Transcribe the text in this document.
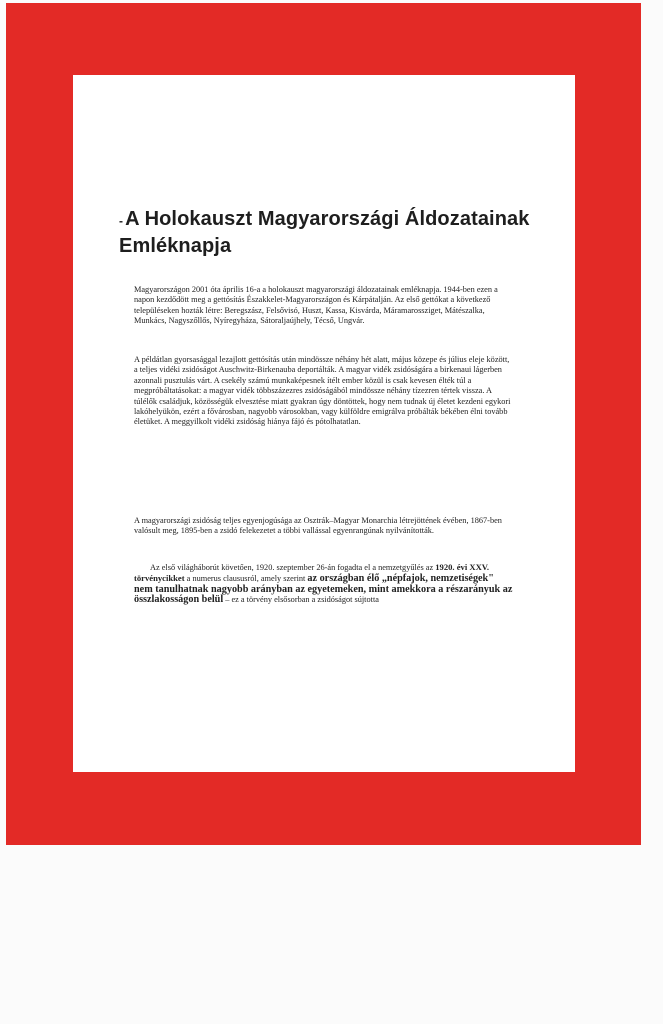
- A Holokauszt Magyarországi Áldozatainak Emléknapja

Magyarországon 2001 óta április 16-a a holokauszt magyarországi áldozatainak emléknapja. 1944-ben ezen a napon kezdődött meg a gettósítás Északkelet-Magyarországon és Kárpátalján. Az első gettókat a következő településeken hozták létre: Beregszász, Felsővisó, Huszt, Kassa, Kisvárda, Máramarossziget, Mátészalka, Munkács, Nagyszőllős, Nyíregyháza, Sátoraljaújhely, Técső, Ungvár.

A példátlan gyorsasággal lezajlott gettósítás után mindössze néhány hét alatt, május közepe és július eleje között, a teljes vidéki zsidóságot Auschwitz-Birkenauba deportálták. A magyar vidék zsidóságára a birkenaui lágerben azonnali pusztulás várt. A csekély számú munkaképesnek ítélt ember közül is csak kevesen élték túl a megpróbáltatásokat: a magyar vidék többszázezres zsidóságából mindössze néhány tízezren tértek vissza. A túlélők családjuk, közösségük elvesztése miatt gyakran úgy döntöttek, hogy nem tudnak új életet kezdeni egykori lakóhelyükön, ezért a fővárosban, nagyobb városokban, vagy külföldre emigrálva próbálták békében élni tovább életüket. A meggyilkolt vidéki zsidóság hiánya fájó és pótolhatatlan.

A magyarországi zsidóság teljes egyenjogúsága az Osztrák–Magyar Monarchia létrejöttének évében, 1867-ben valósult meg, 1895-ben a zsidó felekezetet a többi vallással egyenrangúnak nyilvánították.

Az első világháborút követően, 1920. szeptember 26-án fogadta el a nemzetgyűlés az 1920. évi XXV. törvénycikket a numerus claususról, amely szerint az országban élő „népfajok, nemzetiségek" nem tanulhatnak nagyobb arányban az egyetemeken, mint amekkora a részarányuk az összlakosságon belül – ez a törvény elsősorban a zsidóságot sújtotta
